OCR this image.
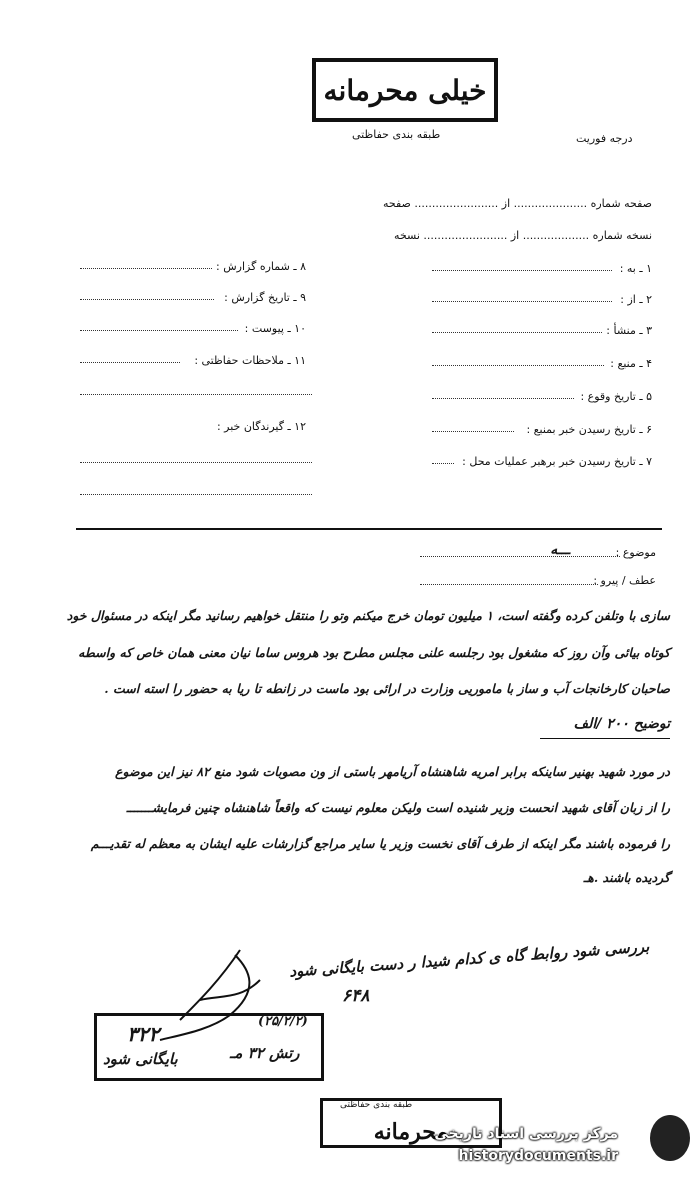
خیلی محرمانه
طبقه بندی حفاظتی	درجه فوریت
صفحه شماره ..................... از ........................ صفحه
نسخه شماره ................... از ........................ نسخه
۱ ـ به :
۲ ـ از :
۳ ـ منشأ :
۴ ـ منبع :
۵ ـ تاریخ وقوع :
۶ ـ تاریخ رسیدن خبر بمنبع :
۷ ـ تاریخ رسیدن خبر برهبر عملیات محل :
۸ ـ شماره گزارش :
۹ ـ تاریخ گزارش :
۱۰ ـ پیوست :
۱۱ ـ ملاحظات حفاظتی :
۱۲ ـ گیرندگان خبر :
موضوع :
ـــه
عطف / پیرو :
سازی با وتلفن کرده وگفته است، ۱ میلیون تومان خرج میکنم وتو را منتقل خواهیم رسانید مگر اینکه در مسئوال خود
کوتاه بیائی وآن روز که مشغول بود رجلسه علنی مجلس مطرح بود هروس ساما نیان معنی همان خاص که واسطه
صاحبان کارخانجات آب و ساز با ماموریی وزارت در ارائی بود ماست در زانطه تا ریا به حضور را استه است .
توضیح ۲۰۰ /الف
در مورد شهید بهنیر ساینکه برابر امریه شاهنشاه آریامهر باستی از ون مصوبات شود منع ۸۲ نیز این موضوع
را از زبان آقای شهید انحست وزیر شنیده است ولیکن معلوم نیست که واقعاً شاهنشاه چنین فرمایشـــــــ
را فرموده باشند مگر اینکه از طرف آقای نخست وزیر یا سایر مراجع گزارشات علیه ایشان به معظم له تقدیـــم
گردیده باشند .هـ
بررسی شود روابط گاه ی کدام شیدا ر دست بایگانی شود
۶۴۸
۳۲۲
بایگانی شود
(۲۵/۲/۲)
رتش ۳۲ مـ
محرمانه
طبقه بندی حفاظتی
مرکز بررسی اسناد تاریخی
historydocuments.ir
